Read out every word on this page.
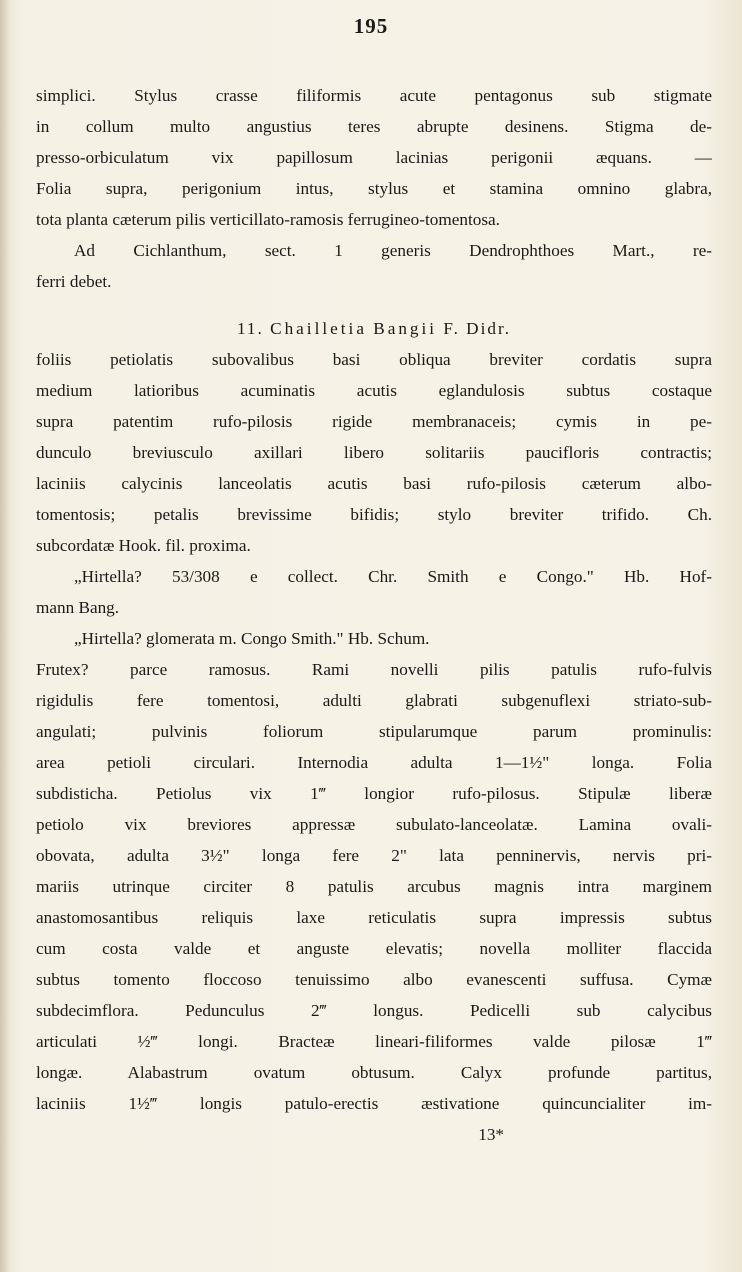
195
simplici. Stylus crasse filiformis acute pentagonus sub stigmate
in collum multo angustius teres abrupte desinens. Stigma de-
presso-orbiculatum vix papillosum lacinias perigonii æquans. —
Folia supra, perigonium intus, stylus et stamina omnino glabra,
tota planta cæterum pilis verticillato-ramosis ferrugineo-tomentosa.
Ad Cichlanthum, sect. 1 generis Dendrophthoes Mart., re-
ferri debet.
11. Chailletia Bangii F. Didr.
foliis petiolatis subovalibus basi obliqua breviter cordatis supra
medium latioribus acuminatis acutis eglandulosis subtus costaque
supra patentim rufo-pilosis rigide membranaceis; cymis in pe-
dunculo breviusculo axillari libero solitariis paucifloris contractis;
laciniis calycinis lanceolatis acutis basi rufo-pilosis cæterum albo-
tomentosis; petalis brevissime bifidis; stylo breviter trifido. Ch.
subcordatæ Hook. fil. proxima.
„Hirtella? 53/308 e collect. Chr. Smith e Congo." Hb. Hof-
mann Bang.
„Hirtella? glomerata m. Congo Smith." Hb. Schum.
Frutex? parce ramosus. Rami novelli pilis patulis rufo-fulvis
rigidulis fere tomentosi, adulti glabrati subgenuflexi striato-sub-
angulati; pulvinis foliorum stipularumque parum prominulis:
area petioli circulari. Internodia adulta 1—1½" longa. Folia
subdisticha. Petiolus vix 1‴ longior rufo-pilosus. Stipulæ liberæ
petiolo vix breviores appressæ subulato-lanceolatæ. Lamina ovali-
obovata, adulta 3½" longa fere 2" lata penninervis, nervis pri-
mariis utrinque circiter 8 patulis arcubus magnis intra marginem
anastomosantibus reliquis laxe reticulatis supra impressis subtus
cum costa valde et anguste elevatis; novella molliter flaccida
subtus tomento floccoso tenuissimo albo evanescenti suffusa. Cymæ
subdecimflora. Pedunculus 2‴ longus. Pedicelli sub calycibus
articulati ½‴ longi. Bracteæ lineari-filiformes valde pilosæ 1‴
longæ. Alabastrum ovatum obtusum. Calyx profunde partitus,
laciniis 1½‴ longis patulo-erectis æstivatione quincuncialiter im-
13*
